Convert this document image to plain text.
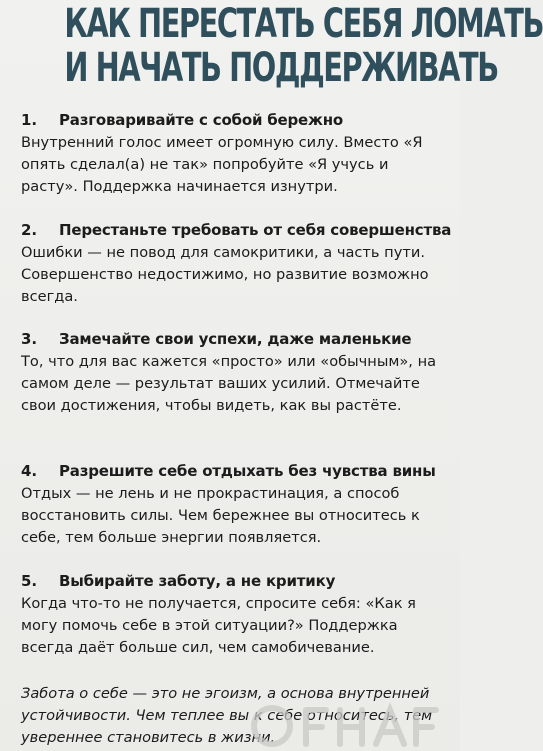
КАК ПЕРЕСТАТЬ СЕБЯ ЛОМАТЬ
И НАЧАТЬ ПОДДЕРЖИВАТЬ
1.	Разговаривайте с собой бережно
Внутренний голос имеет огромную силу. Вместо «Я опять сделал(а) не так» попробуйте «Я учусь и расту». Поддержка начинается изнутри.
2.	Перестаньте требовать от себя совершенства
Ошибки — не повод для самокритики, а часть пути. Совершенство недостижимо, но развитие возможно всегда.
3.	Замечайте свои успехи, даже маленькие
То, что для вас кажется «просто» или «обычным», на самом деле — результат ваших усилий. Отмечайте свои достижения, чтобы видеть, как вы растёте.
4.	Разрешите себе отдыхать без чувства вины
Отдых — не лень и не прокрастинация, а способ восстановить силы. Чем бережнее вы относитесь к себе, тем больше энергии появляется.
5.	Выбирайте заботу, а не критику
Когда что-то не получается, спросите себя: «Как я могу помочь себе в этой ситуации?» Поддержка всегда даёт больше сил, чем самобичевание.
Забота о себе — это не эгоизм, а основа внутренней устойчивости. Чем теплее вы к себе относитесь, тем увереннее становитесь в жизни.
